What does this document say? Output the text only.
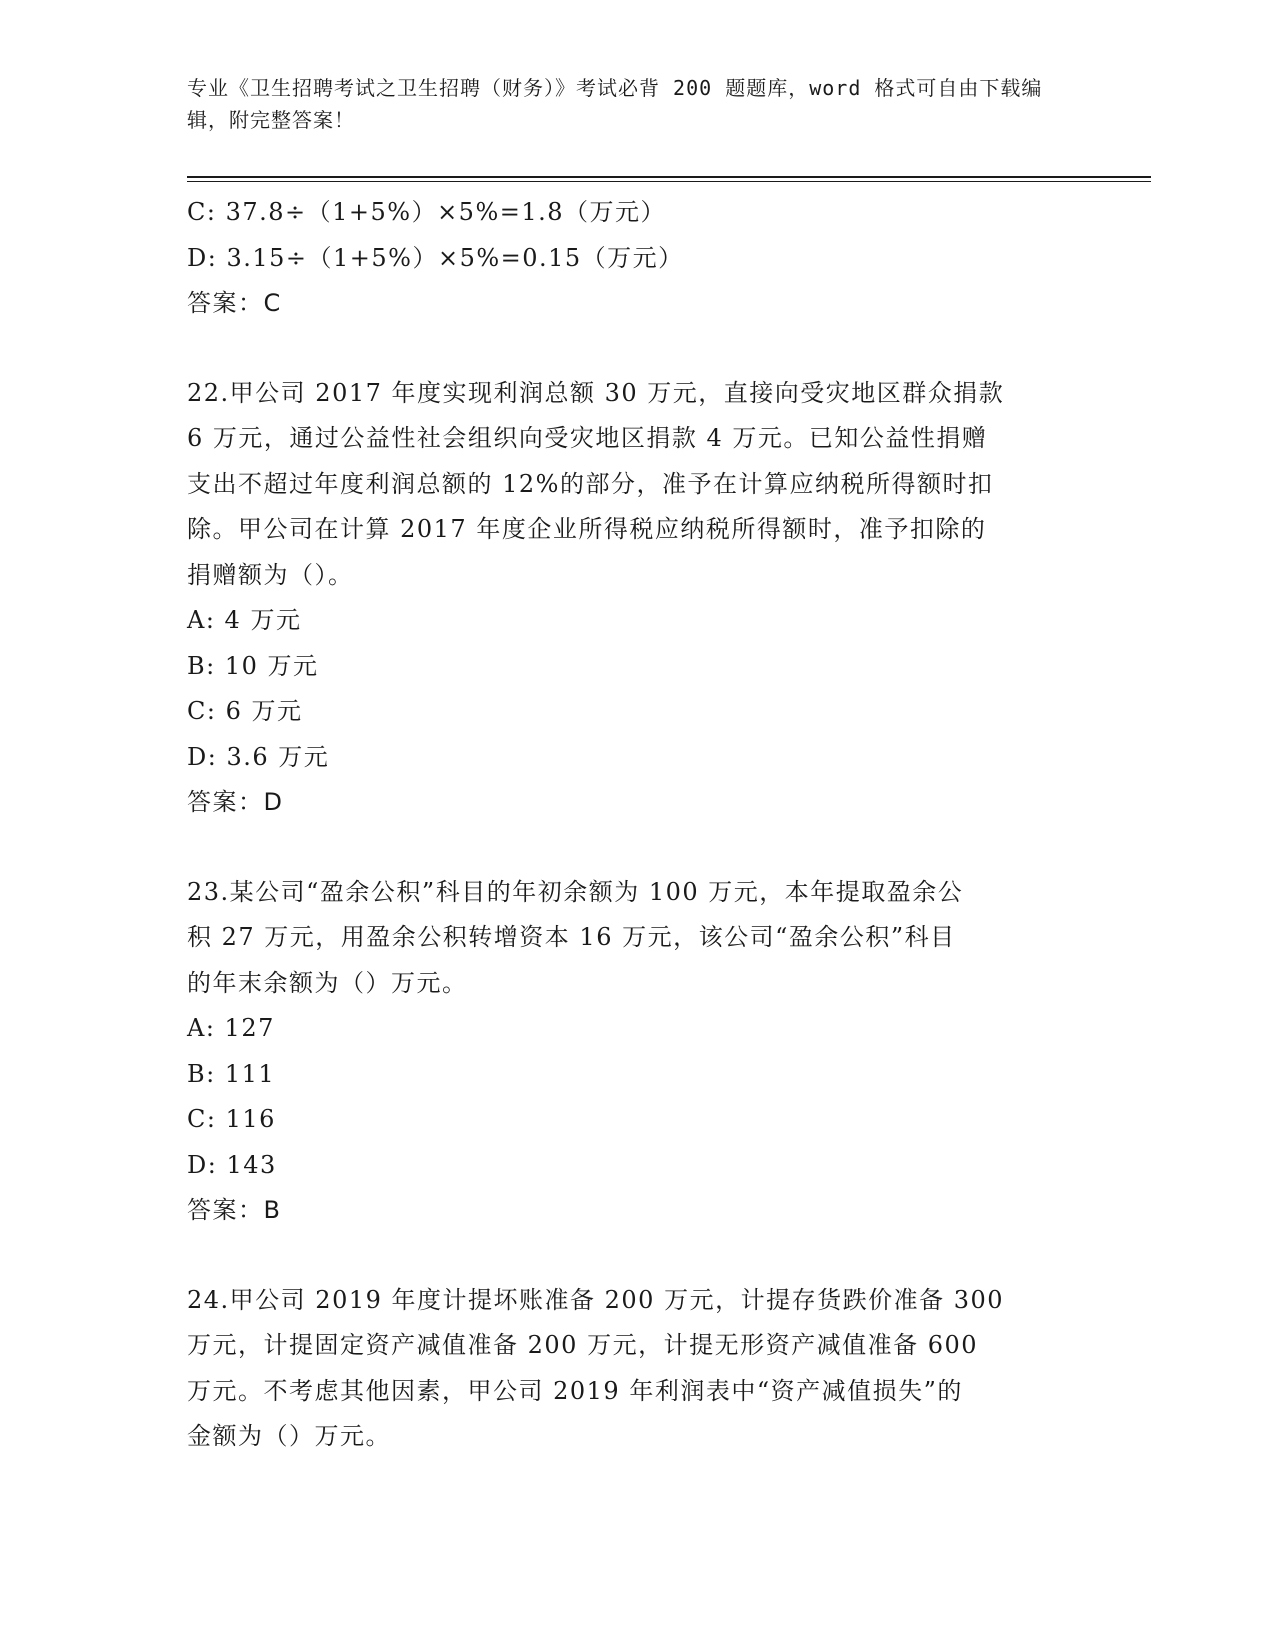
专业《卫生招聘考试之卫生招聘（财务）》考试必背 200 题题库，word 格式可自由下载编辑，附完整答案！
C: 37.8÷（1+5%）×5%=1.8（万元）
D: 3.15÷（1+5%）×5%=0.15（万元）
答案：C
22.甲公司 2017 年度实现利润总额 30 万元，直接向受灾地区群众捐款
6 万元，通过公益性社会组织向受灾地区捐款 4 万元。已知公益性捐赠
支出不超过年度利润总额的 12%的部分，准予在计算应纳税所得额时扣
除。甲公司在计算 2017 年度企业所得税应纳税所得额时，准予扣除的
捐赠额为（）。
A: 4 万元
B: 10 万元
C: 6 万元
D: 3.6 万元
答案：D
23.某公司“盈余公积”科目的年初余额为 100 万元，本年提取盈余公
积 27 万元，用盈余公积转增资本 16 万元，该公司“盈余公积”科目
的年末余额为（）万元。
A: 127
B: 111
C: 116
D: 143
答案：B
24.甲公司 2019 年度计提坏账准备 200 万元，计提存货跌价准备 300
万元，计提固定资产减值准备 200 万元，计提无形资产减值准备 600
万元。不考虑其他因素，甲公司 2019 年利润表中“资产减值损失”的
金额为（）万元。
